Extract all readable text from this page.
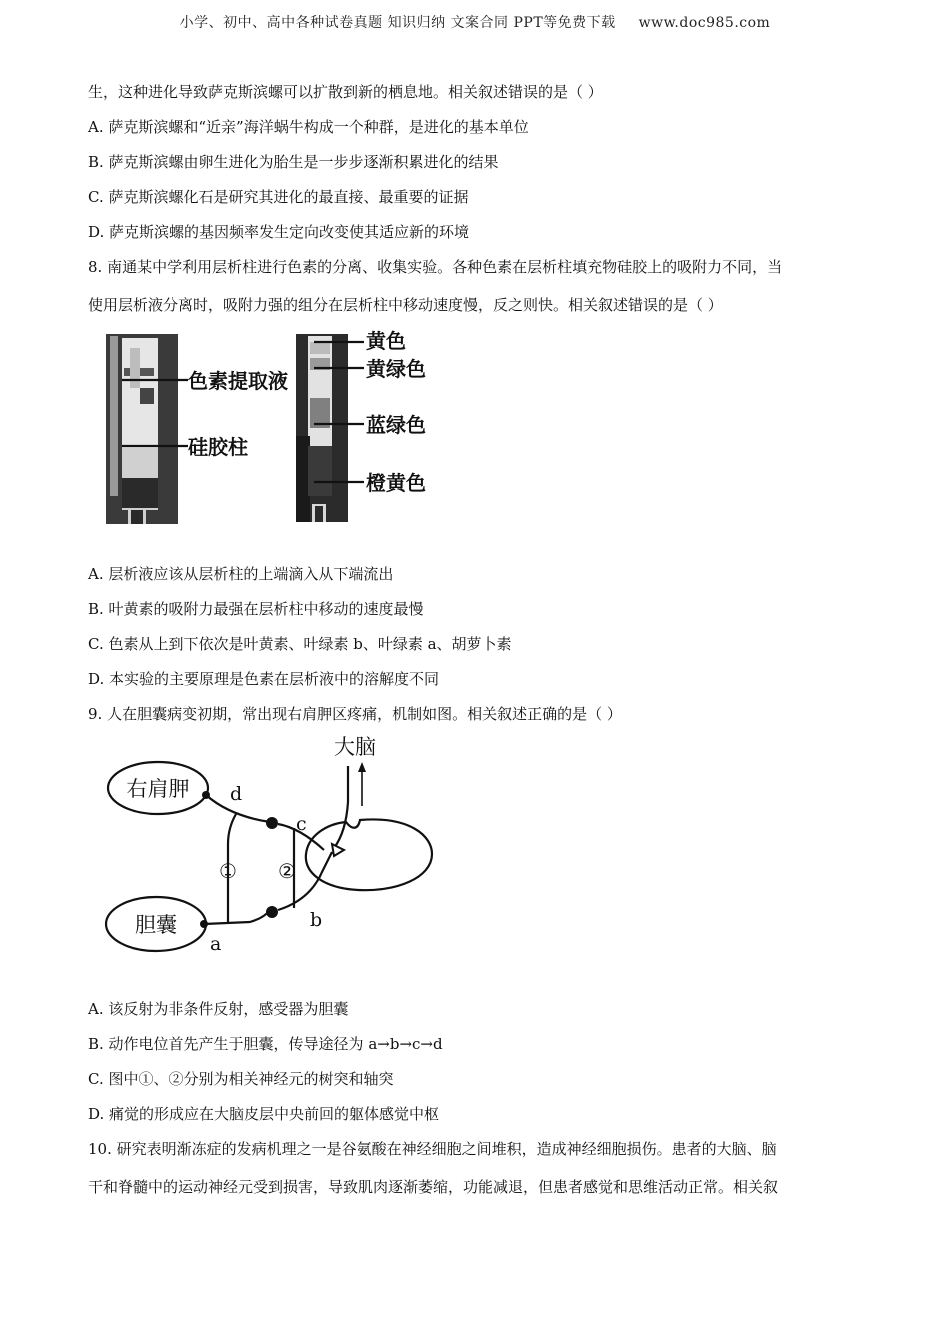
小学、初中、高中各种试卷真题 知识归纳 文案合同 PPT等免费下载 www.doc985.com
生，这种进化导致萨克斯滨螺可以扩散到新的栖息地。相关叙述错误的是（ ）
A. 萨克斯滨螺和“近亲”海洋蜗牛构成一个种群，是进化的基本单位
B. 萨克斯滨螺由卵生进化为胎生是一步步逐渐积累进化的结果
C. 萨克斯滨螺化石是研究其进化的最直接、最重要的证据
D. 萨克斯滨螺的基因频率发生定向改变使其适应新的环境
8. 南通某中学利用层析柱进行色素的分离、收集实验。各种色素在层析柱填充物硅胶上的吸附力不同，当
使用层析液分离时，吸附力强的组分在层析柱中移动速度慢，反之则快。相关叙述错误的是（ ）
色素提取液
硅胶柱
黄色
黄绿色
蓝绿色
橙黄色
A. 层析液应该从层析柱的上端滴入从下端流出
B. 叶黄素的吸附力最强在层析柱中移动的速度最慢
C. 色素从上到下依次是叶黄素、叶绿素 b、叶绿素 a、胡萝卜素
D. 本实验的主要原理是色素在层析液中的溶解度不同
9. 人在胆囊病变初期，常出现右肩胛区疼痛，机制如图。相关叙述正确的是（ ）
右肩胛
胆囊
大脑
d
c
b
a
① ②
A. 该反射为非条件反射，感受器为胆囊
B. 动作电位首先产生于胆囊，传导途径为 a→b→c→d
C. 图中①、②分别为相关神经元的树突和轴突
D. 痛觉的形成应在大脑皮层中央前回的躯体感觉中枢
10. 研究表明渐冻症的发病机理之一是谷氨酸在神经细胞之间堆积，造成神经细胞损伤。患者的大脑、脑
干和脊髓中的运动神经元受到损害，导致肌肉逐渐萎缩，功能减退，但患者感觉和思维活动正常。相关叙
